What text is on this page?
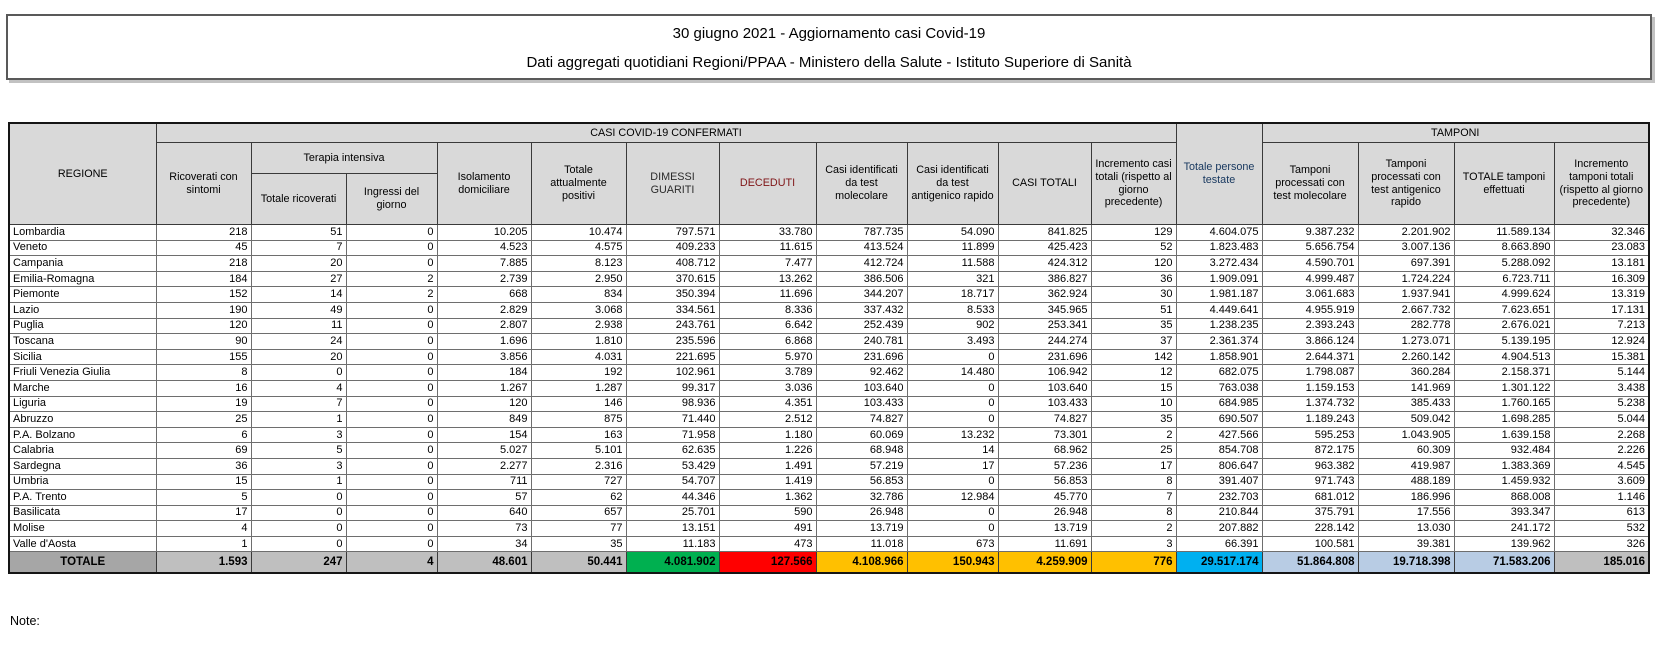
30 giugno 2021 - Aggiornamento casi Covid-19
Dati aggregati quotidiani Regioni/PPAA - Ministero della Salute - Istituto Superiore di Sanità
REGIONE	CASI COVID-19 CONFERMATI											Totale persone testate	TAMPONI			
	Ricoverati con sintomi	Terapia intensiva		Isolamento domiciliare	Totale attualmente positivi	DIMESSI GUARITI	DECEDUTI	Casi identificati da test molecolare	Casi identificati da test antigenico rapido	CASI TOTALI	Incremento casi totali (rispetto al giorno precedente)		Tamponi processati con test molecolare	Tamponi processati con test antigenico rapido	TOTALE tamponi effettuati	Incremento tamponi totali (rispetto al giorno precedente)
		Totale ricoverati	Ingressi del giorno													
Lombardia	218	51	0	10.205	10.474	797.571	33.780	787.735	54.090	841.825	129	4.604.075	9.387.232	2.201.902	11.589.134	32.346
Veneto	45	7	0	4.523	4.575	409.233	11.615	413.524	11.899	425.423	52	1.823.483	5.656.754	3.007.136	8.663.890	23.083
Campania	218	20	0	7.885	8.123	408.712	7.477	412.724	11.588	424.312	120	3.272.434	4.590.701	697.391	5.288.092	13.181
Emilia-Romagna	184	27	2	2.739	2.950	370.615	13.262	386.506	321	386.827	36	1.909.091	4.999.487	1.724.224	6.723.711	16.309
Piemonte	152	14	2	668	834	350.394	11.696	344.207	18.717	362.924	30	1.981.187	3.061.683	1.937.941	4.999.624	13.319
Lazio	190	49	0	2.829	3.068	334.561	8.336	337.432	8.533	345.965	51	4.449.641	4.955.919	2.667.732	7.623.651	17.131
Puglia	120	11	0	2.807	2.938	243.761	6.642	252.439	902	253.341	35	1.238.235	2.393.243	282.778	2.676.021	7.213
Toscana	90	24	0	1.696	1.810	235.596	6.868	240.781	3.493	244.274	37	2.361.374	3.866.124	1.273.071	5.139.195	12.924
Sicilia	155	20	0	3.856	4.031	221.695	5.970	231.696	0	231.696	142	1.858.901	2.644.371	2.260.142	4.904.513	15.381
Friuli Venezia Giulia	8	0	0	184	192	102.961	3.789	92.462	14.480	106.942	12	682.075	1.798.087	360.284	2.158.371	5.144
Marche	16	4	0	1.267	1.287	99.317	3.036	103.640	0	103.640	15	763.038	1.159.153	141.969	1.301.122	3.438
Liguria	19	7	0	120	146	98.936	4.351	103.433	0	103.433	10	684.985	1.374.732	385.433	1.760.165	5.238
Abruzzo	25	1	0	849	875	71.440	2.512	74.827	0	74.827	35	690.507	1.189.243	509.042	1.698.285	5.044
P.A. Bolzano	6	3	0	154	163	71.958	1.180	60.069	13.232	73.301	2	427.566	595.253	1.043.905	1.639.158	2.268
Calabria	69	5	0	5.027	5.101	62.635	1.226	68.948	14	68.962	25	854.708	872.175	60.309	932.484	2.226
Sardegna	36	3	0	2.277	2.316	53.429	1.491	57.219	17	57.236	17	806.647	963.382	419.987	1.383.369	4.545
Umbria	15	1	0	711	727	54.707	1.419	56.853	0	56.853	8	391.407	971.743	488.189	1.459.932	3.609
P.A. Trento	5	0	0	57	62	44.346	1.362	32.786	12.984	45.770	7	232.703	681.012	186.996	868.008	1.146
Basilicata	17	0	0	640	657	25.701	590	26.948	0	26.948	8	210.844	375.791	17.556	393.347	613
Molise	4	0	0	73	77	13.151	491	13.719	0	13.719	2	207.882	228.142	13.030	241.172	532
Valle d'Aosta	1	0	0	34	35	11.183	473	11.018	673	11.691	3	66.391	100.581	39.381	139.962	326
TOTALE	1.593	247	4	48.601	50.441	4.081.902	127.566	4.108.966	150.943	4.259.909	776	29.517.174	51.864.808	19.718.398	71.583.206	185.016
Note:
